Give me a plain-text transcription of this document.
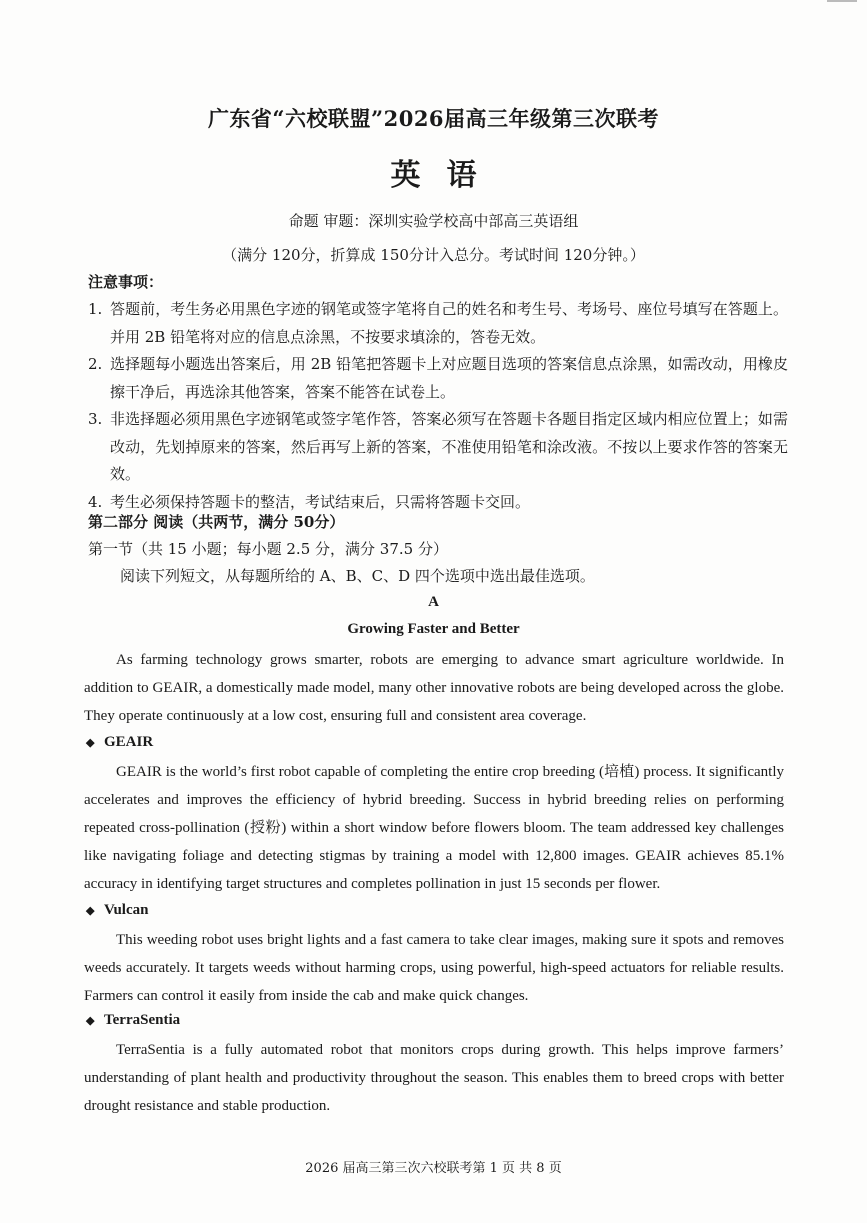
广东省“六校联盟”2026届高三年级第三次联考
英语
命题 审题：深圳实验学校高中部高三英语组
（满分 120分，折算成 150分计入总分。考试时间 120分钟。）
注意事项：
1. 答题前，考生务必用黑色字迹的钢笔或签字笔将自己的姓名和考生号、考场号、座位号填写在答题上。并用 2B 铅笔将对应的信息点涂黑，不按要求填涂的，答卷无效。
2. 选择题每小题选出答案后，用 2B 铅笔把答题卡上对应题目选项的答案信息点涂黑，如需改动，用橡皮擦干净后，再选涂其他答案，答案不能答在试卷上。
3. 非选择题必须用黑色字迹钢笔或签字笔作答，答案必须写在答题卡各题目指定区域内相应位置上；如需改动，先划掉原来的答案，然后再写上新的答案，不准使用铅笔和涂改液。不按以上要求作答的答案无效。
4. 考生必须保持答题卡的整洁，考试结束后，只需将答题卡交回。
第二部分 阅读（共两节，满分 50分）
第一节（共 15 小题；每小题 2.5 分，满分 37.5 分）
阅读下列短文，从每题所给的 A、B、C、D 四个选项中选出最佳选项。
A
Growing Faster and Better

As farming technology grows smarter, robots are emerging to advance smart agriculture worldwide. In addition to GEAIR, a domestically made model, many other innovative robots are being developed across the globe. They operate continuously at a low cost, ensuring full and consistent area coverage.

◆ GEAIR

GEAIR is the world’s first robot capable of completing the entire crop breeding (培植) process. It significantly accelerates and improves the efficiency of hybrid breeding. Success in hybrid breeding relies on performing repeated cross-pollination (授粉) within a short window before flowers bloom. The team addressed key challenges like navigating foliage and detecting stigmas by training a model with 12,800 images. GEAIR achieves 85.1% accuracy in identifying target structures and completes pollination in just 15 seconds per flower.

◆ Vulcan

This weeding robot uses bright lights and a fast camera to take clear images, making sure it spots and removes weeds accurately. It targets weeds without harming crops, using powerful, high-speed actuators for reliable results. Farmers can control it easily from inside the cab and make quick changes.

◆ TerraSentia

TerraSentia is a fully automated robot that monitors crops during growth. This helps improve farmers’ understanding of plant health and productivity throughout the season. This enables them to breed crops with better drought resistance and stable production.

2026 届高三第三次六校联考第 1 页 共 8 页
